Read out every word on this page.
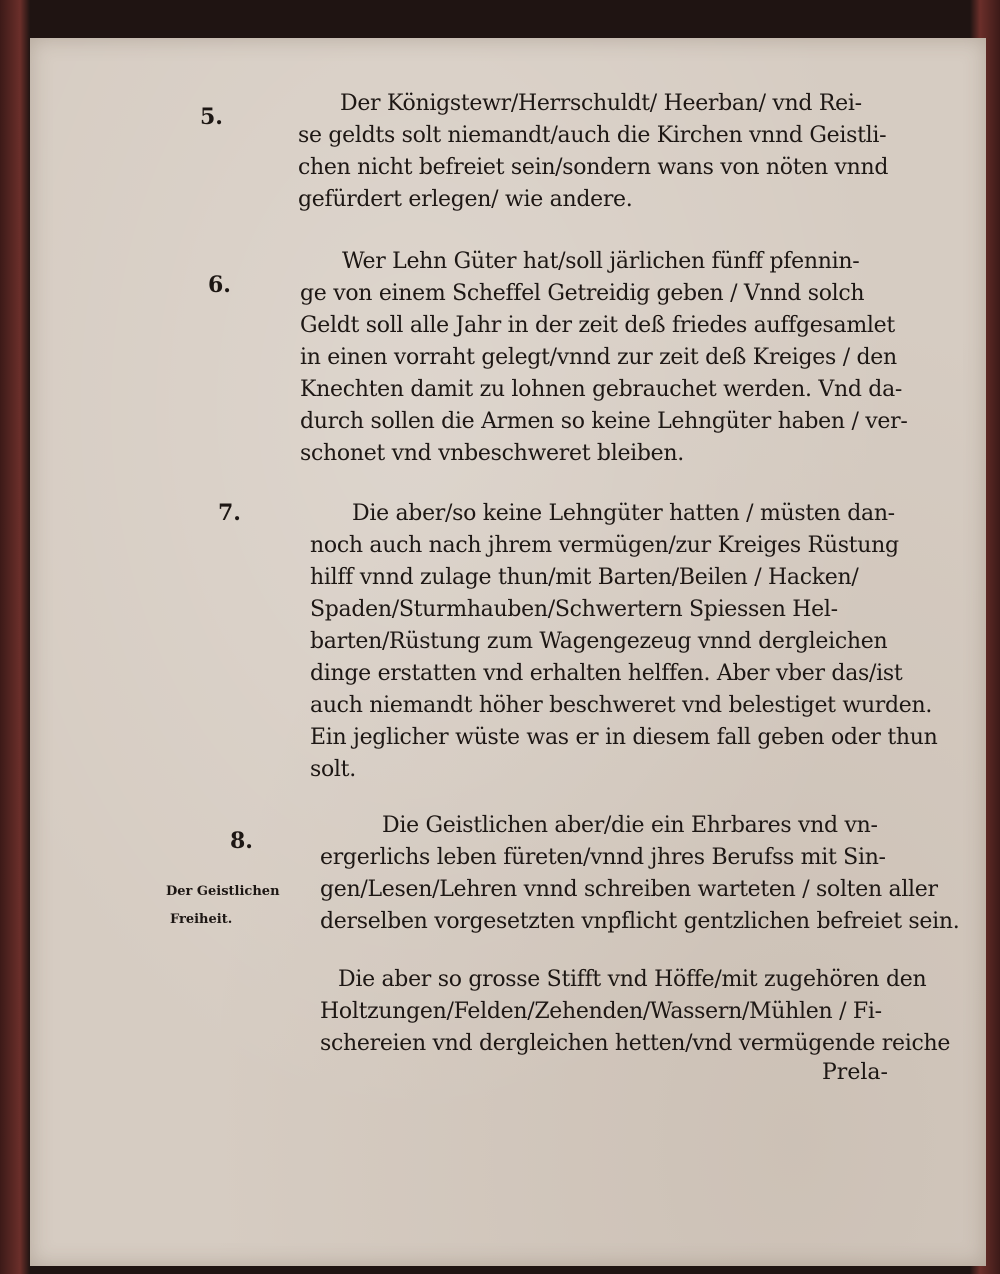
5.
Der Königstewr/Herrschuldt/ Heerban/ vnd Rei-
se geldts solt niemandt/auch die Kirchen vnnd Geistli-
chen nicht befreiet sein/sondern wans von nöten vnnd
gefürdert erlegen/ wie andere.
6.
Wer Lehn Güter hat/soll järlichen fünff pfennin-
ge von einem Scheffel Getreidig geben / Vnnd solch
Geldt soll alle Jahr in der zeit deß friedes auffgesamlet
in einen vorraht gelegt/vnnd zur zeit deß Kreiges / den
Knechten damit zu lohnen gebrauchet werden. Vnd da-
durch sollen die Armen so keine Lehngüter haben / ver-
schonet vnd vnbeschweret bleiben.
7.	Die aber/so keine Lehngüter hatten / müsten dan-
noch auch nach jhrem vermügen/zur Kreiges Rüstung
hilff vnnd zulage thun/mit Barten/Beilen / Hacken/
Spaden/Sturmhauben/Schwertern Spiessen Hel-
barten/Rüstung zum Wagengezeug vnnd dergleichen
dinge erstatten vnd erhalten helffen. Aber vber das/ist
auch niemandt höher beschweret vnd belestiget wurden.
Ein jeglicher wüste was er in diesem fall geben oder thun
solt.
8.
Der Geistlichen
Freiheit.
Die Geistlichen aber/die ein Ehrbares vnd vn-
ergerlichs leben füreten/vnnd jhres Berufss mit Sin-
gen/Lesen/Lehren vnnd schreiben warteten / solten aller
derselben vorgesetzten vnpflicht gentzlichen befreiet sein.
Die aber so grosse Stifft vnd Höffe/mit zugehören den
Holtzungen/Felden/Zehenden/Wassern/Mühlen / Fi-
schereien vnd dergleichen hetten/vnd vermügende reiche
Prela-
